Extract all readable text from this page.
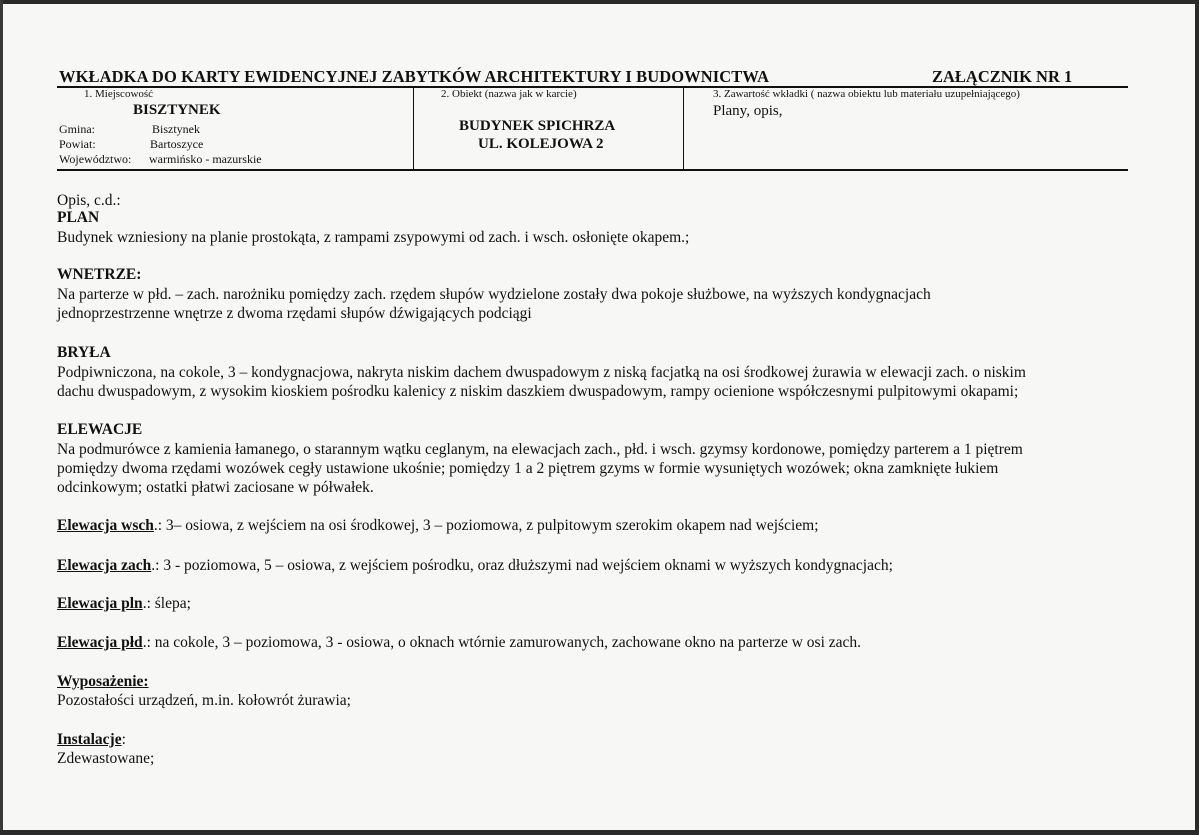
WKŁADKA DO KARTY EWIDENCYJNEJ ZABYTKÓW ARCHITEKTURY I BUDOWNICTWA	ZAŁĄCZNIK NR 1
1. Miejscowość
BISZTYNEK
Gmina:	Bisztynek
Powiat:	Bartoszyce
Województwo: warmińsko - mazurskie
2. Obiekt (nazwa jak w karcie)
BUDYNEK SPICHRZA
UL. KOLEJOWA 2
3. Zawartość wkładki ( nazwa obiektu lub materiału uzupełniającego)
Plany, opis,
Opis, c.d.:
PLAN
Budynek wzniesiony na planie prostokąta, z rampami zsypowymi od zach. i wsch. osłonięte okapem.;
WNETRZE:
Na parterze w płd. – zach. narożniku pomiędzy zach. rzędem słupów wydzielone zostały dwa pokoje służbowe, na wyższych kondygnacjach
jednoprzestrzenne wnętrze z dwoma rzędami słupów dźwigających podciągi
BRYŁA
Podpiwniczona, na cokole, 3 – kondygnacjowa, nakryta niskim dachem dwuspadowym z niską facjatką na osi środkowej żurawia w elewacji zach. o niskim
dachu dwuspadowym, z wysokim kioskiem pośrodku kalenicy z niskim daszkiem dwuspadowym, rampy ocienione współczesnymi pulpitowymi okapami;
ELEWACJE
Na podmurówce z kamienia łamanego, o starannym wątku ceglanym, na elewacjach zach., płd. i wsch. gzymsy kordonowe, pomiędzy parterem a 1 piętrem
pomiędzy dwoma rzędami wozówek cegły ustawione ukośnie; pomiędzy 1 a 2 piętrem gzyms w formie wysuniętych wozówek; okna zamknięte łukiem
odcinkowym; ostatki płatwi zaciosane w półwałek.
Elewacja wsch.: 3– osiowa, z wejściem na osi środkowej, 3 – poziomowa, z pulpitowym szerokim okapem nad wejściem;
Elewacja zach.: 3 - poziomowa, 5 – osiowa, z wejściem pośrodku, oraz dłuższymi nad wejściem oknami w wyższych kondygnacjach;
Elewacja pln.: ślepa;
Elewacja płd.: na cokole, 3 – poziomowa, 3 - osiowa, o oknach wtórnie zamurowanych, zachowane okno na parterze w osi zach.
Wyposażenie:
Pozostałości urządzeń, m.in. kołowrót żurawia;
Instalacje:
Zdewastowane;
